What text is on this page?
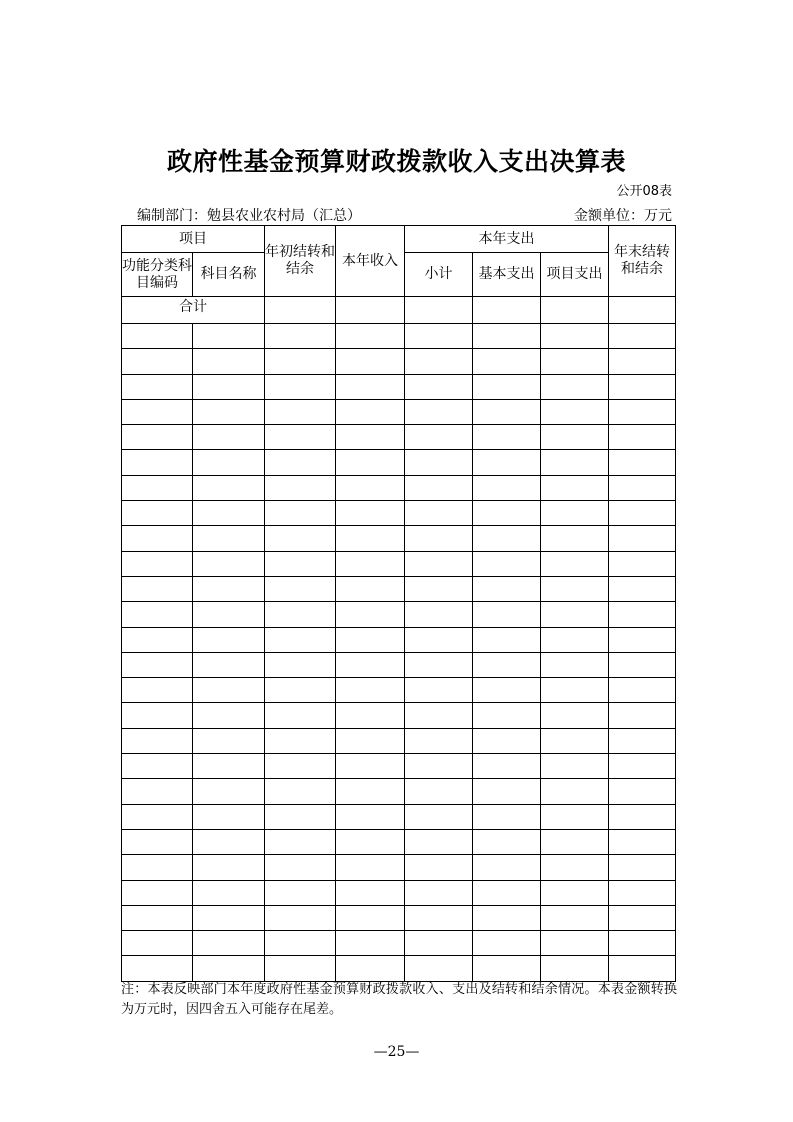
政府性基金预算财政拨款收入支出决算表
公开08表
编制部门：勉县农业农村局（汇总）	金额单位：万元
项目		年初结转和结余	本年收入	本年支出			年末结转和结余
功能分类科目编码	科目名称			小计	基本支出	项目支出	
合计							

注：本表反映部门本年度政府性基金预算财政拨款收入、支出及结转和结余情况。本表金额转换为万元时，因四舍五入可能存在尾差。
—25—
